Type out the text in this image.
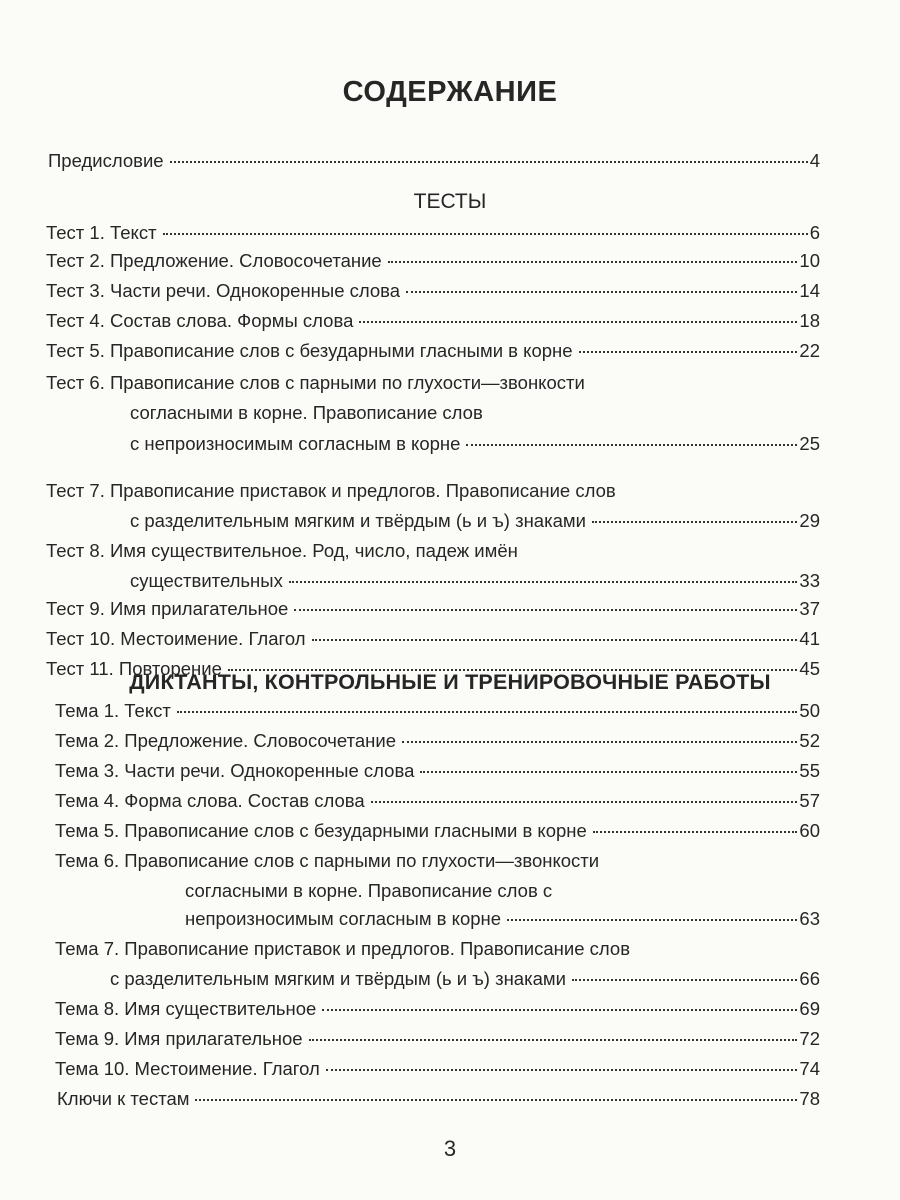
СОДЕРЖАНИЕ
Предисловие	4
ТЕСТЫ
Тест 1. Текст	6
Тест 2. Предложение. Словосочетание	10
Тест 3. Части речи. Однокоренные слова	14
Тест 4. Состав слова. Формы слова	18
Тест 5. Правописание слов с безударными гласными в корне	22
Тест 6. Правописание слов с парными по глухости—звонкости
согласными в корне. Правописание слов
с непроизносимым согласным в корне	25
Тест 7. Правописание приставок и предлогов. Правописание слов
с разделительным мягким и твёрдым (ь и ъ) знаками	29
Тест 8. Имя существительное. Род, число, падеж имён
существительных	33
Тест 9. Имя прилагательное	37
Тест 10. Местоимение. Глагол	41
Тест 11. Повторение	45
ДИКТАНТЫ, КОНТРОЛЬНЫЕ И ТРЕНИРОВОЧНЫЕ РАБОТЫ
Тема 1. Текст	50
Тема 2. Предложение. Словосочетание	52
Тема 3. Части речи. Однокоренные слова	55
Тема 4. Форма слова. Состав слова	57
Тема 5. Правописание слов с безударными гласными в корне	60
Тема 6. Правописание слов с парными по глухости—звонкости
согласными в корне. Правописание слов с
непроизносимым согласным в корне	63
Тема 7. Правописание приставок и предлогов. Правописание слов
с разделительным мягким и твёрдым (ь и ъ) знаками	66
Тема 8. Имя существительное	69
Тема 9. Имя прилагательное	72
Тема 10. Местоимение. Глагол	74
Ключи к тестам	78
3
